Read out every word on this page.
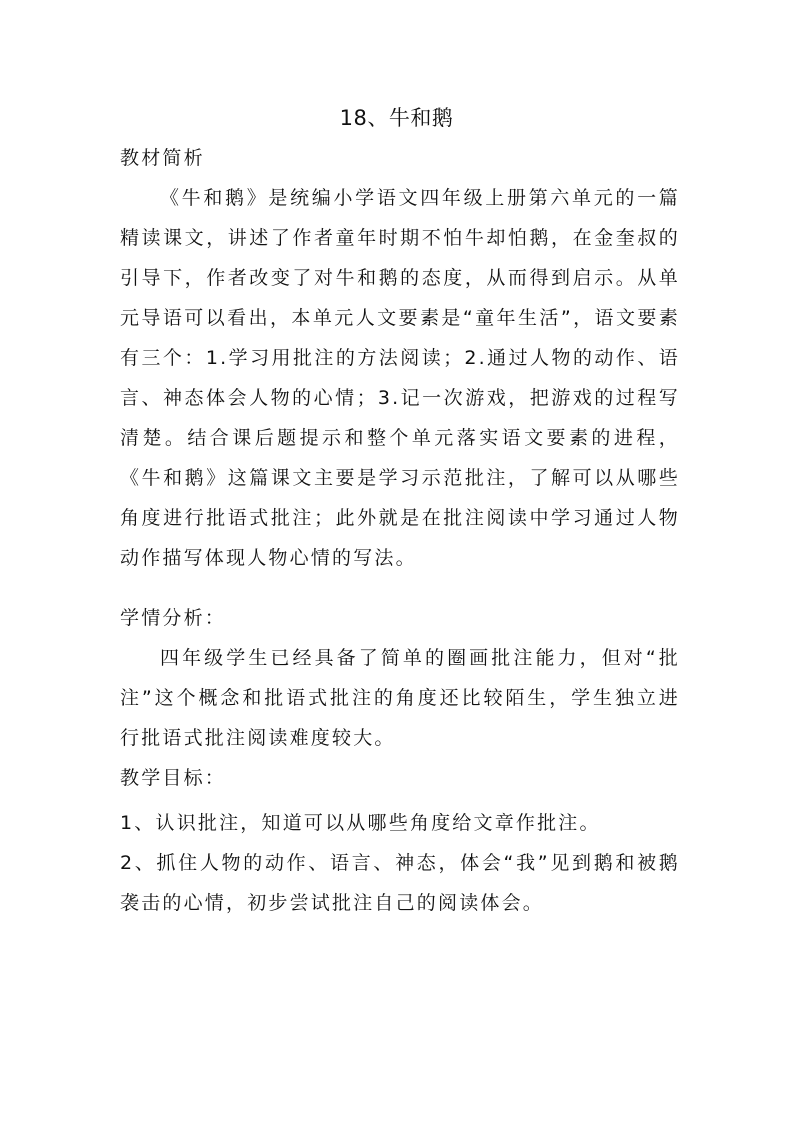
18、牛和鹅
教材简析

《牛和鹅》是统编小学语文四年级上册第六单元的一篇精读课文，讲述了作者童年时期不怕牛却怕鹅，在金奎叔的引导下，作者改变了对牛和鹅的态度，从而得到启示。从单元导语可以看出，本单元人文要素是“童年生活”，语文要素有三个：1.学习用批注的方法阅读；2.通过人物的动作、语言、神态体会人物的心情；3.记一次游戏，把游戏的过程写清楚。结合课后题提示和整个单元落实语文要素的进程，《牛和鹅》这篇课文主要是学习示范批注，了解可以从哪些角度进行批语式批注；此外就是在批注阅读中学习通过人物动作描写体现人物心情的写法。

学情分析：

四年级学生已经具备了简单的圈画批注能力，但对“批注”这个概念和批语式批注的角度还比较陌生，学生独立进行批语式批注阅读难度较大。

教学目标：

1、认识批注，知道可以从哪些角度给文章作批注。

2、抓住人物的动作、语言、神态，体会“我”见到鹅和被鹅袭击的心情，初步尝试批注自己的阅读体会。
